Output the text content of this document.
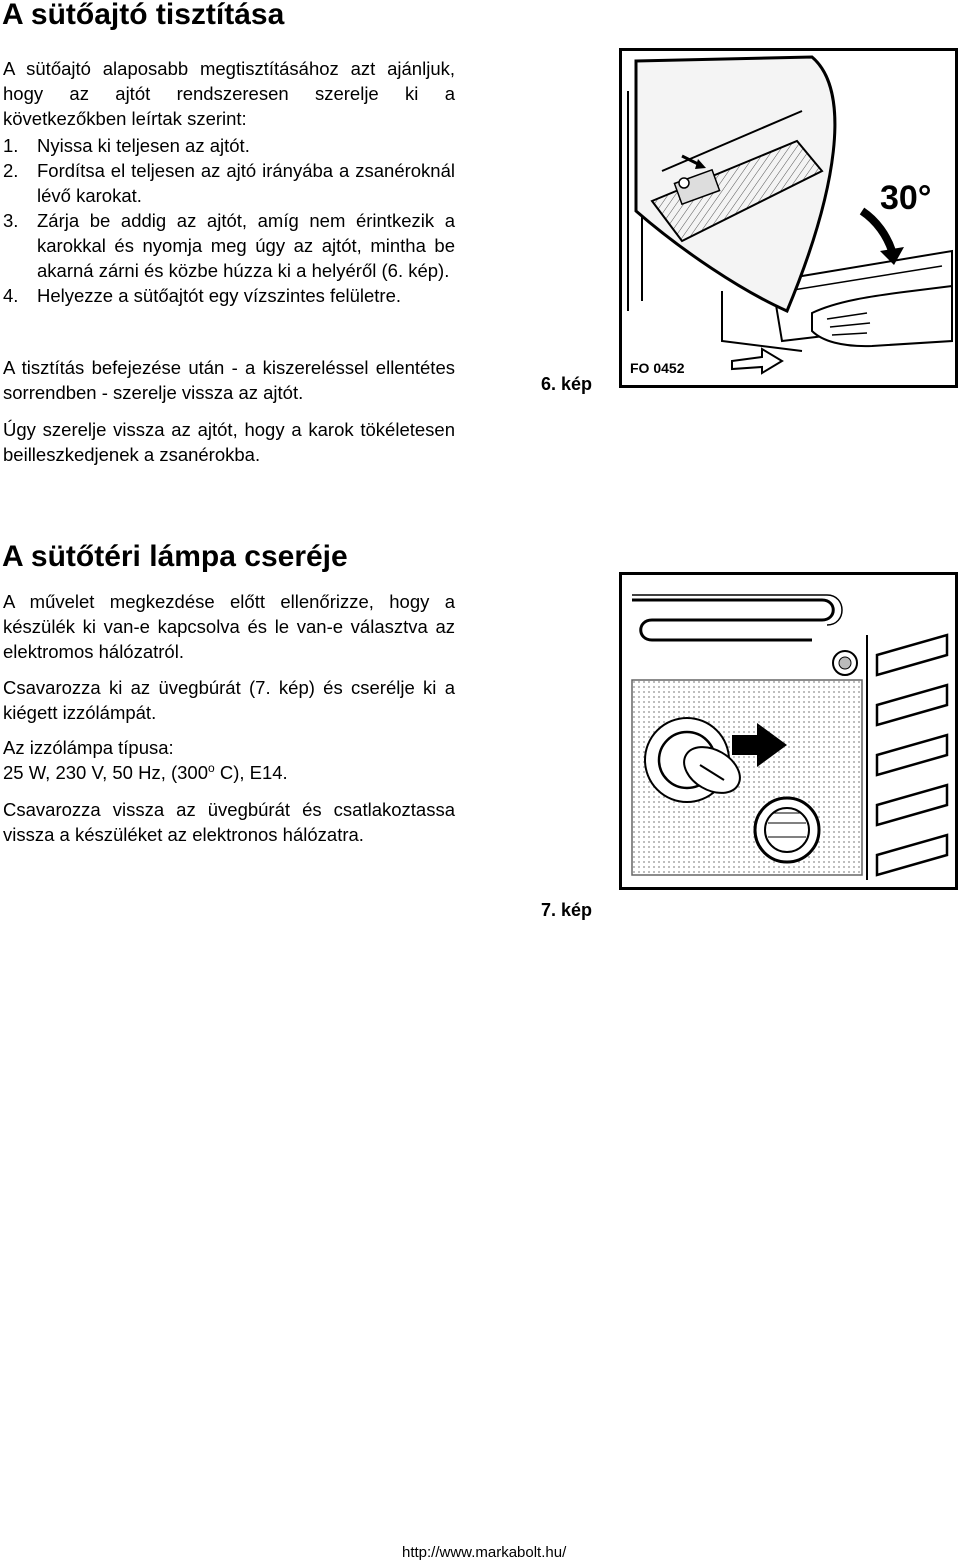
A sütőajtó tisztítása
A sütőajtó alaposabb megtisztításához azt ajánljuk, hogy az ajtót rendszeresen szerelje ki a következőkben leírtak szerint:
1.	Nyissa ki teljesen az ajtót.
2.	Fordítsa el teljesen az ajtó irányába a zsanéroknál lévő karokat.
3.	Zárja be addig az ajtót, amíg nem érintkezik a karokkal és nyomja meg úgy az ajtót, mintha be akarná zárni és közbe húzza ki a helyéről (6. kép).
4.	Helyezze a sütőajtót egy vízszintes felületre.
A tisztítás befejezése után - a kiszereléssel ellentétes sorrendben - szerelje vissza az ajtót.
Úgy szerelje vissza az ajtót, hogy a karok tökéletesen beilleszkedjenek a zsanérokba.
30°
FO 0452
6. kép
A sütőtéri lámpa cseréje
A művelet megkezdése előtt ellenőrizze, hogy a készülék ki van-e kapcsolva és le van-e választva az elektromos hálózatról.
Csavarozza ki az üvegbúrát (7. kép) és cserélje ki a kiégett izzólámpát.
Az izzólámpa típusa:
25 W, 230 V, 50 Hz, (300$^o$ C), E14.
Csavarozza vissza az üvegbúrát és csatlakoztassa vissza a készüléket az elektronos hálózatra.
7. kép
http://www.markabolt.hu/
